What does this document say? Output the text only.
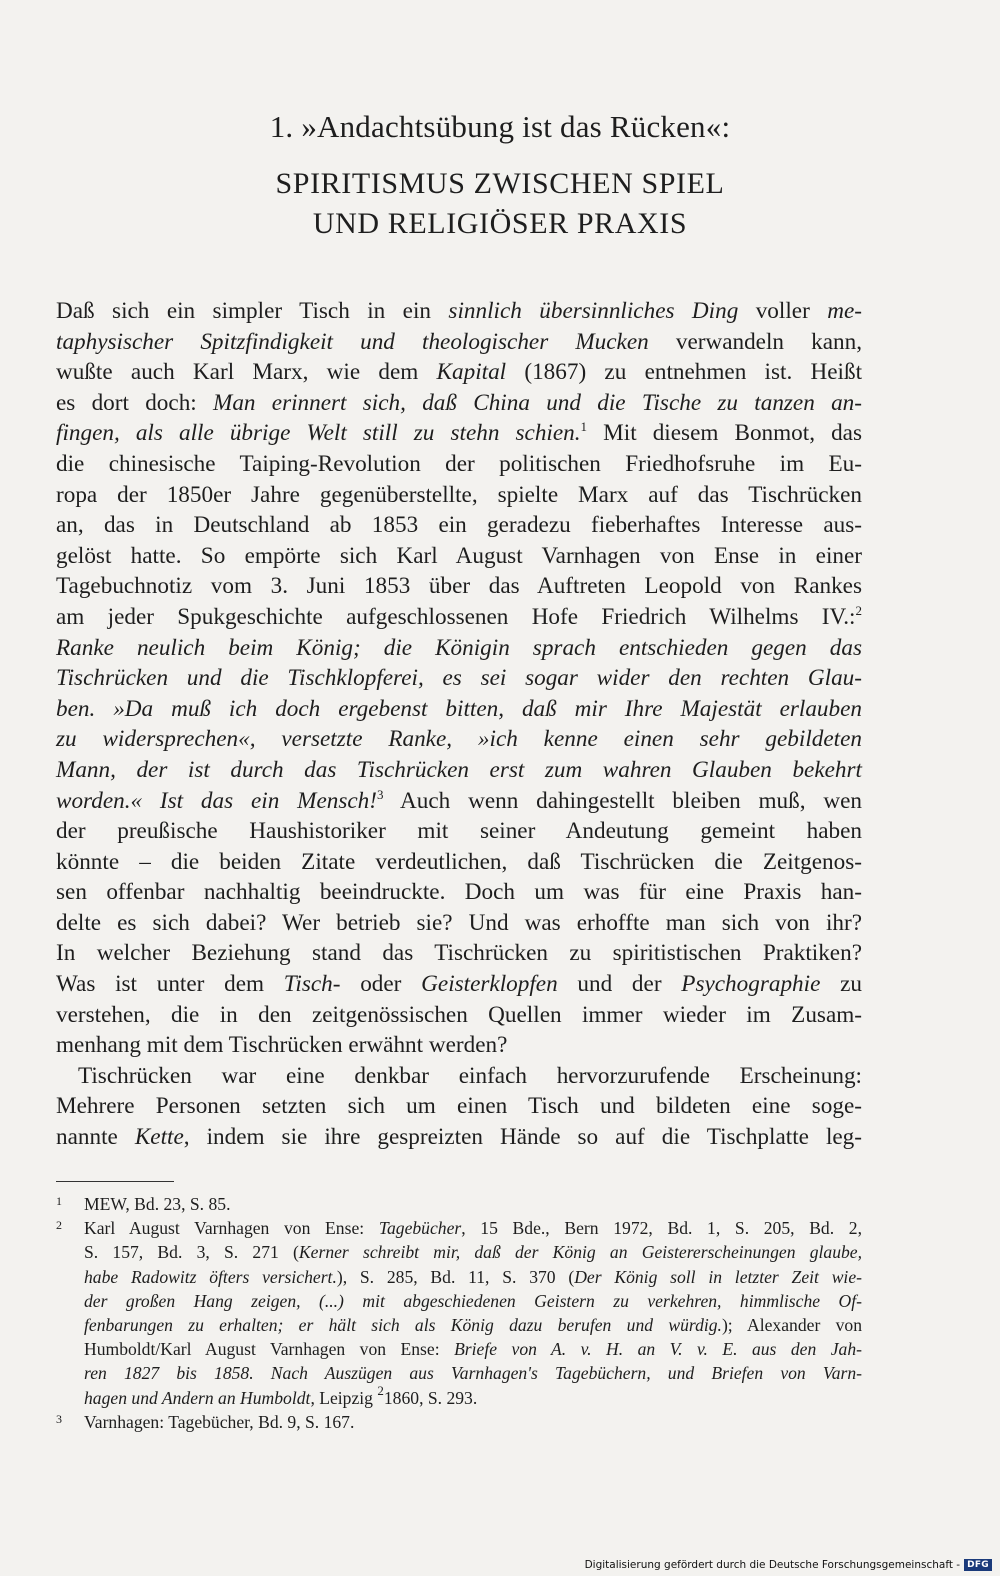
1. »Andachtsübung ist das Rücken«:
SPIRITISMUS ZWISCHEN SPIEL
UND RELIGIÖSER PRAXIS
Daß sich ein simpler Tisch in ein sinnlich übersinnliches Ding voller me-
taphysischer Spitzfindigkeit und theologischer Mucken verwandeln kann,
wußte auch Karl Marx, wie dem Kapital (1867) zu entnehmen ist. Heißt
es dort doch: Man erinnert sich, daß China und die Tische zu tanzen an-
fingen, als alle übrige Welt still zu stehn schien.$^1$ Mit diesem Bonmot, das
die chinesische Taiping-Revolution der politischen Friedhofsruhe im Eu-
ropa der 1850er Jahre gegenüberstellte, spielte Marx auf das Tischrücken
an, das in Deutschland ab 1853 ein geradezu fieberhaftes Interesse aus-
gelöst hatte. So empörte sich Karl August Varnhagen von Ense in einer
Tagebuchnotiz vom 3. Juni 1853 über das Auftreten Leopold von Rankes
am jeder Spukgeschichte aufgeschlossenen Hofe Friedrich Wilhelms IV.:$^2$
Ranke neulich beim König; die Königin sprach entschieden gegen das
Tischrücken und die Tischklopferei, es sei sogar wider den rechten Glau-
ben. »Da muß ich doch ergebenst bitten, daß mir Ihre Majestät erlauben
zu widersprechen«, versetzte Ranke, »ich kenne einen sehr gebildeten
Mann, der ist durch das Tischrücken erst zum wahren Glauben bekehrt
worden.« Ist das ein Mensch!$^3$ Auch wenn dahingestellt bleiben muß, wen
der preußische Haushistoriker mit seiner Andeutung gemeint haben
könnte – die beiden Zitate verdeutlichen, daß Tischrücken die Zeitgenos-
sen offenbar nachhaltig beeindruckte. Doch um was für eine Praxis han-
delte es sich dabei? Wer betrieb sie? Und was erhoffte man sich von ihr?
In welcher Beziehung stand das Tischrücken zu spiritistischen Praktiken?
Was ist unter dem Tisch- oder Geisterklopfen und der Psychographie zu
verstehen, die in den zeitgenössischen Quellen immer wieder im Zusam-
menhang mit dem Tischrücken erwähnt werden?
Tischrücken war eine denkbar einfach hervorzurufende Erscheinung:
Mehrere Personen setzten sich um einen Tisch und bildeten eine soge-
nannte Kette, indem sie ihre gespreizten Hände so auf die Tischplatte leg-
1 MEW, Bd. 23, S. 85.
2 Karl August Varnhagen von Ense: Tagebücher, 15 Bde., Bern 1972, Bd. 1, S. 205, Bd. 2,
S. 157, Bd. 3, S. 271 (Kerner schreibt mir, daß der König an Geistererscheinungen glaube,
habe Radowitz öfters versichert.), S. 285, Bd. 11, S. 370 (Der König soll in letzter Zeit wie-
der großen Hang zeigen, (...) mit abgeschiedenen Geistern zu verkehren, himmlische Of-
fenbarungen zu erhalten; er hält sich als König dazu berufen und würdig.); Alexander von
Humboldt/Karl August Varnhagen von Ense: Briefe von A. v. H. an V. v. E. aus den Jah-
ren 1827 bis 1858. Nach Auszügen aus Varnhagen's Tagebüchern, und Briefen von Varn-
hagen und Andern an Humboldt, Leipzig $^2$1860, S. 293.
3 Varnhagen: Tagebücher, Bd. 9, S. 167.
Digitalisierung gefördert durch die Deutsche Forschungsgemeinschaft - DFG
